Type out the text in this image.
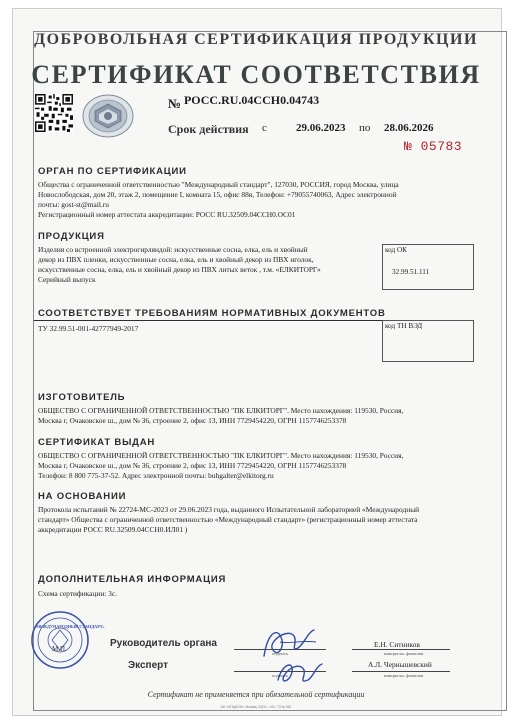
ДОБРОВОЛЬНАЯ СЕРТИФИКАЦИЯ ПРОДУКЦИИ
СЕРТИФИКАТ СООТВЕТСТВИЯ
№ РОСС.RU.04ССН0.04743
Срок действия с	29.06.2023 по 28.06.2026
№ 05783
ОРГАН ПО СЕРТИФИКАЦИИ
Общества с ограниченной ответственностью "Международный стандарт", 127030, РОССИЯ, город Москва, улица
Новослободская, дом 20, этаж 2, помещение I, комната 15, офис 88я, Телефон: +79055740063, Адрес электронной
почты: gost-st@mail.ru
Регистрационный номер аттестата аккредитации: РОСС RU.32509.04ССН0.ОС01
ПРОДУКЦИЯ
Изделия со встроенной электрогирляндой: искусственные сосна, елка, ель и хвойный
декор из ПВХ пленки, искусственные сосна, елка, ель и хвойный декор из ПВХ иголок,
искусственные сосна, елка, ель и хвойный декор из ПВХ литых веток , т.м. «ЕЛКИТОРГ»
Серийный выпуск
код ОК
32.99.51.111
СООТВЕТСТВУЕТ ТРЕБОВАНИЯМ НОРМАТИВНЫХ ДОКУМЕНТОВ
ТУ 32.99.51-001-42777949-2017	код ТН ВЭД
ИЗГОТОВИТЕЛЬ
ОБЩЕСТВО С ОГРАНИЧЕННОЙ ОТВЕТСТВЕННОСТЬЮ "ПК ЕЛКИТОРГ". Место нахождения: 119530, Россия,
Москва г, Очаковское ш., дом № 36, строение 2, офис 13, ИНН 7729454220, ОГРН 1157746253378
СЕРТИФИКАТ ВЫДАН
ОБЩЕСТВО С ОГРАНИЧЕННОЙ ОТВЕТСТВЕННОСТЬЮ "ПК ЕЛКИТОРГ". Место нахождения: 119530, Россия,
Москва г, Очаковское ш., дом № 36, строение 2, офис 13, ИНН 7729454220, ОГРН 1157746253378
Телефон: 8 800 775-37-52. Адрес электронной почты: buhgalter@elkitorg.ru
НА ОСНОВАНИИ
Протокола испытаний № 22724-МС-2023 от 29.06.2023 года, выданного Испытательной лабораторией «Международный
стандарт» Общества с ограниченной ответственностью «Международный стандарт» (регистрационный номер аттестата
аккредитации РОСС RU.32509.04ССН0.ИЛ01 )
ДОПОЛНИТЕЛЬНАЯ ИНФОРМАЦИЯ
Схема сертификации: 3с.
«МЕЖДУНАРОДНЫЙ СТАНДАРТ»
М.П.	Руководитель органа
подпись
Е.Н. Ситников
инициалы, фамилия
Эксперт
подпись
А.Л. Чернышевский
инициалы, фамилия
Сертификат не применяется при обязательной сертификации
АО «ОПЦИОН», Москва, 2023 г., «Б», Т3 № 952
